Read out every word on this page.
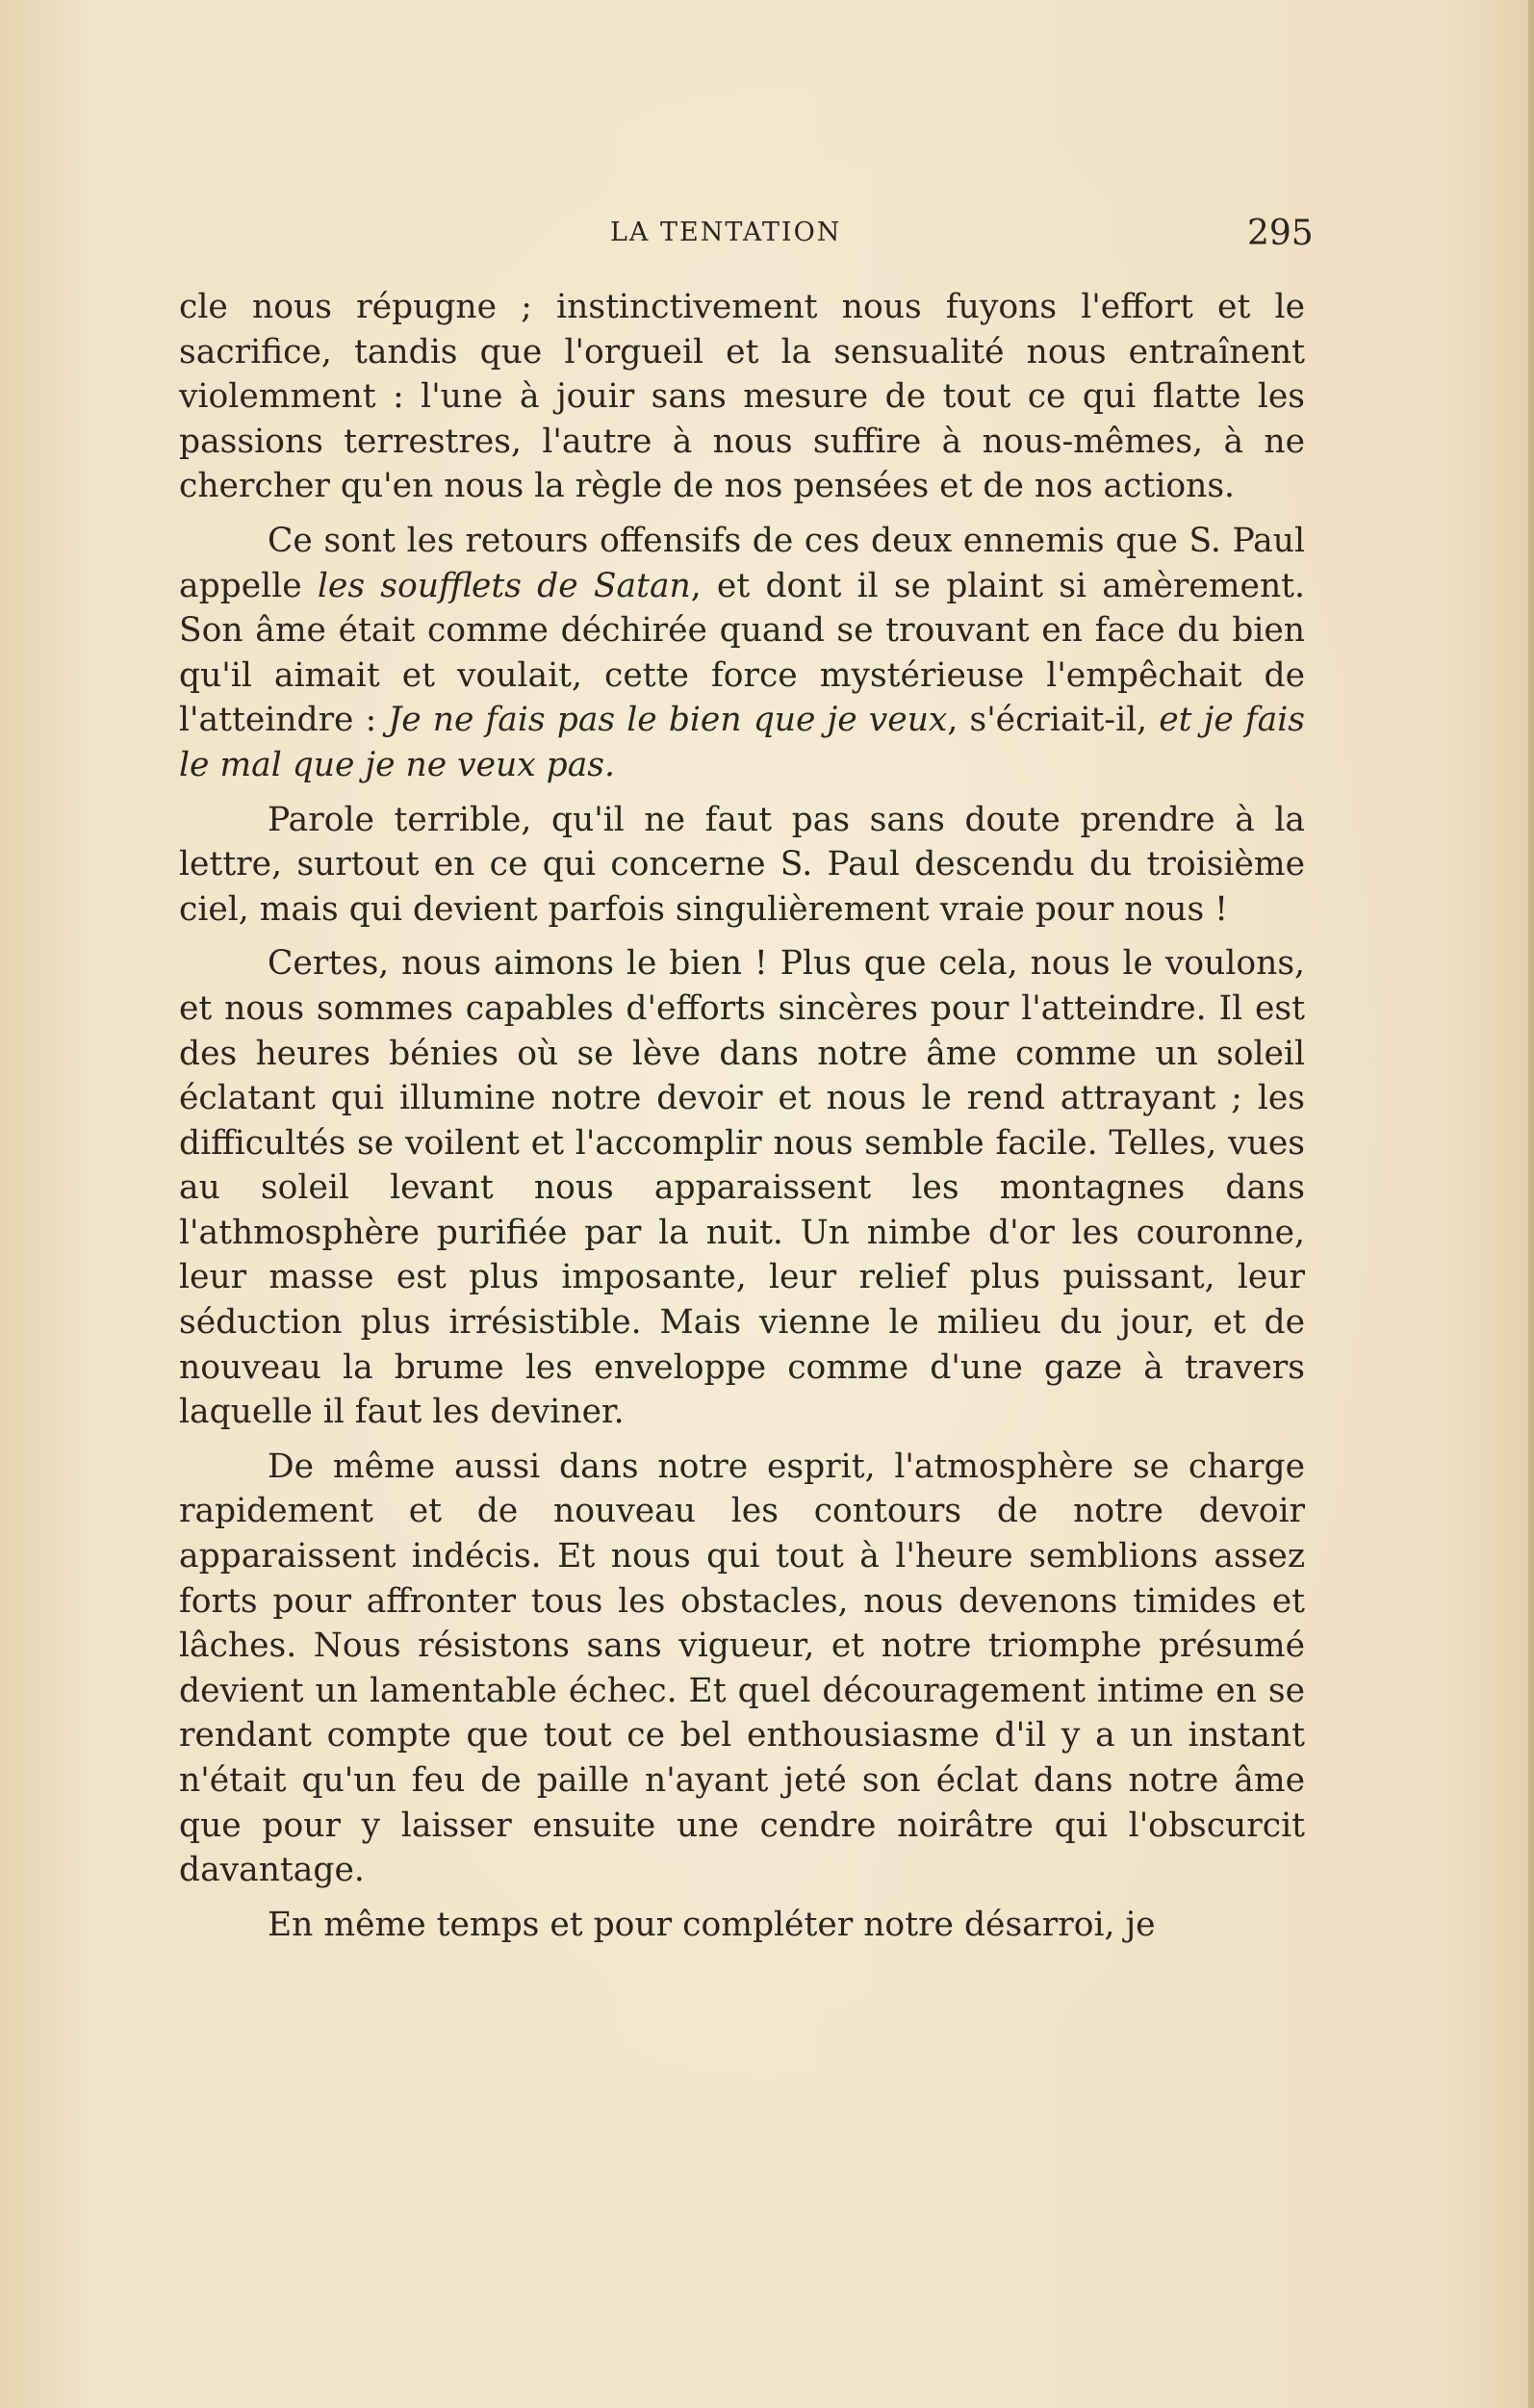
LA TENTATION	295

cle nous répugne ; instinctivement nous fuyons l'effort et le sacrifice, tandis que l'orgueil et la sensualité nous entraînent violemment : l'une à jouir sans mesure de tout ce qui flatte les passions terrestres, l'autre à nous suffire à nous-mêmes, à ne chercher qu'en nous la règle de nos pensées et de nos actions.

Ce sont les retours offensifs de ces deux ennemis que S. Paul appelle les soufflets de Satan, et dont il se plaint si amèrement. Son âme était comme déchirée quand se trouvant en face du bien qu'il aimait et voulait, cette force mystérieuse l'empêchait de l'atteindre : Je ne fais pas le bien que je veux, s'écriait-il, et je fais le mal que je ne veux pas.

Parole terrible, qu'il ne faut pas sans doute prendre à la lettre, surtout en ce qui concerne S. Paul descendu du troisième ciel, mais qui devient parfois singulièrement vraie pour nous !

Certes, nous aimons le bien ! Plus que cela, nous le voulons, et nous sommes capables d'efforts sincères pour l'atteindre. Il est des heures bénies où se lève dans notre âme comme un soleil éclatant qui illumine notre devoir et nous le rend attrayant ; les difficultés se voilent et l'accomplir nous semble facile. Telles, vues au soleil levant nous apparaissent les montagnes dans l'athmosphère purifiée par la nuit. Un nimbe d'or les couronne, leur masse est plus imposante, leur relief plus puissant, leur séduction plus irrésistible. Mais vienne le milieu du jour, et de nouveau la brume les enveloppe comme d'une gaze à travers laquelle il faut les deviner.

De même aussi dans notre esprit, l'atmosphère se charge rapidement et de nouveau les contours de notre devoir apparaissent indécis. Et nous qui tout à l'heure semblions assez forts pour affronter tous les obstacles, nous devenons timides et lâches. Nous résistons sans vigueur, et notre triomphe présumé devient un lamentable échec. Et quel découragement intime en se rendant compte que tout ce bel enthousiasme d'il y a un instant n'était qu'un feu de paille n'ayant jeté son éclat dans notre âme que pour y laisser ensuite une cendre noirâtre qui l'obscurcit davantage.

En même temps et pour compléter notre désarroi, je
